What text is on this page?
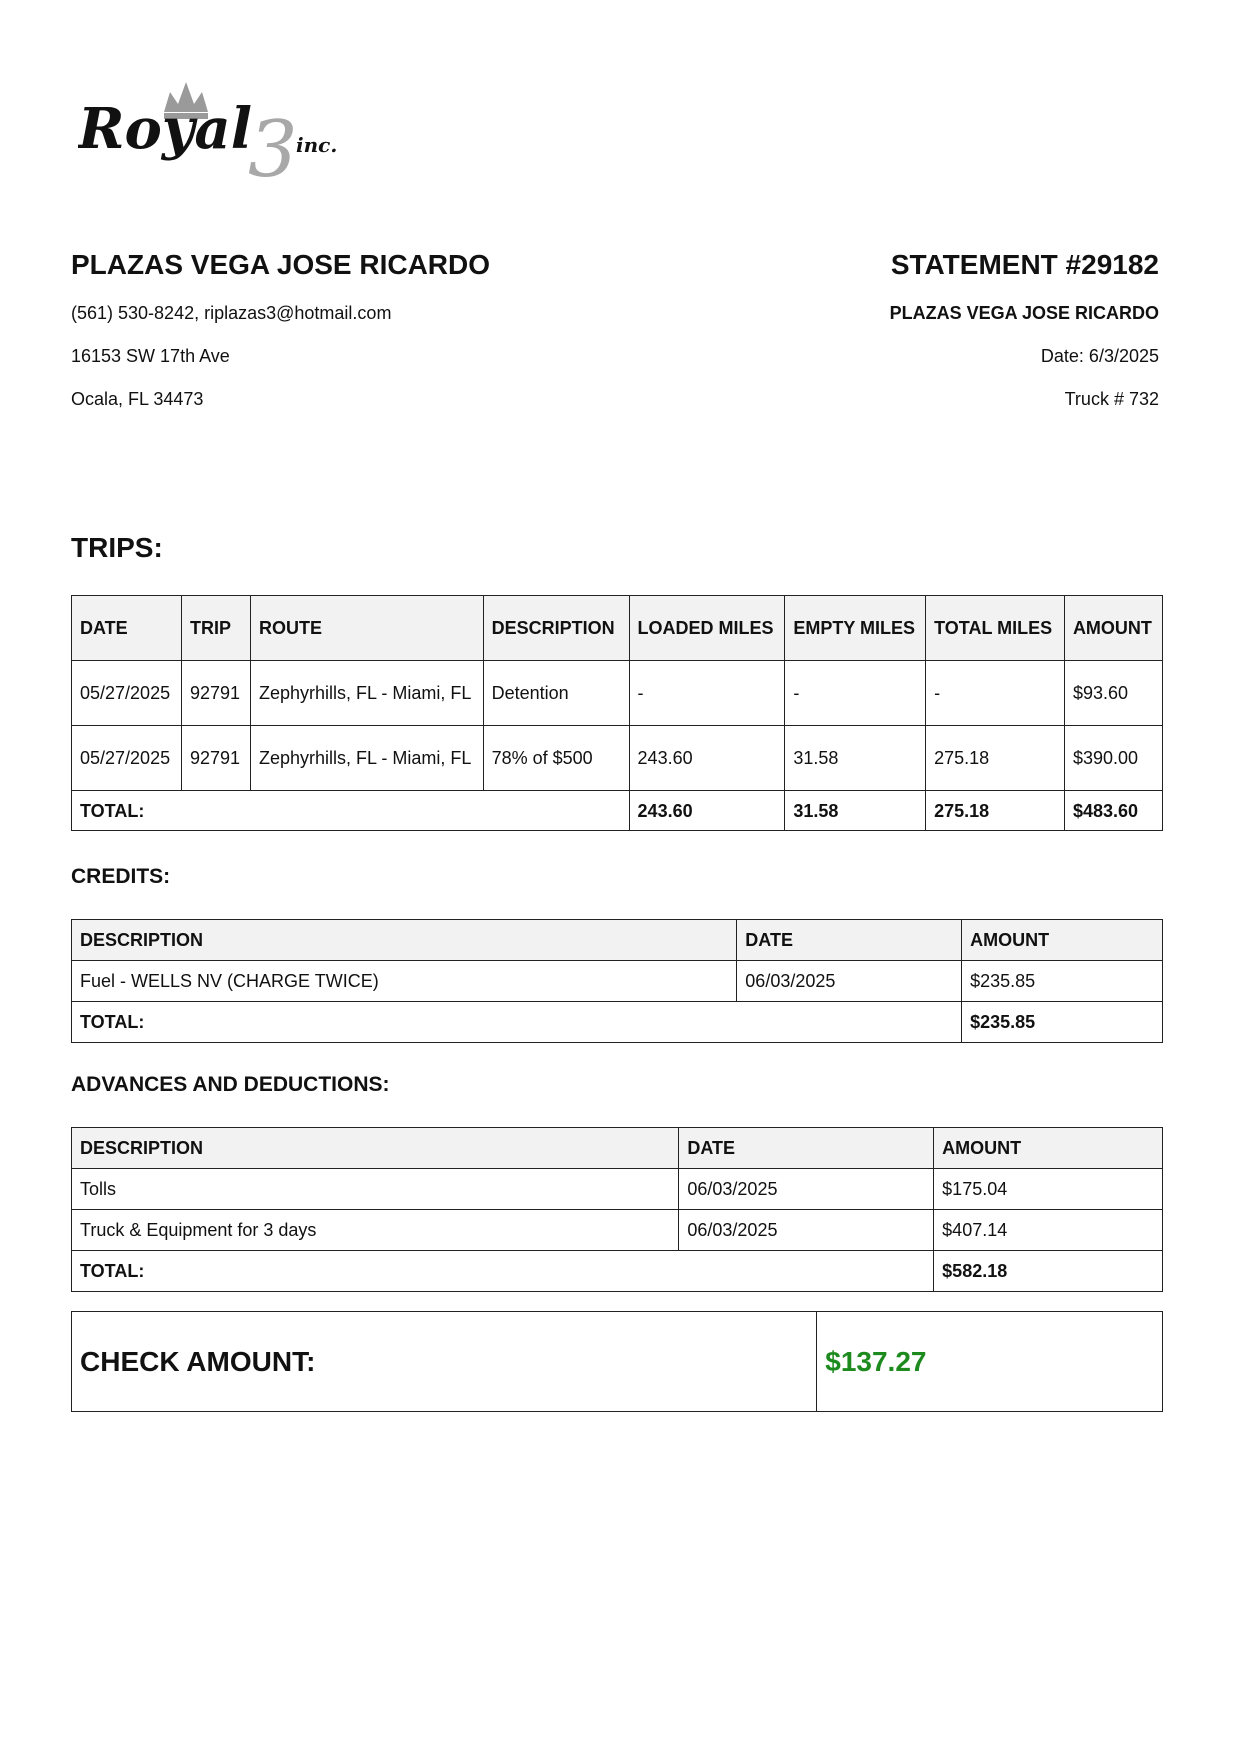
3
Royal inc.

PLAZAS VEGA JOSE RICARDO

(561) 530-8242, riplazas3@hotmail.com

16153 SW 17th Ave

Ocala, FL 34473

STATEMENT #29182

PLAZAS VEGA JOSE RICARDO

Date: 6/3/2025

Truck # 732

TRIPS:

DATE	TRIP	ROUTE	DESCRIPTION	LOADED MILES	EMPTY MILES	TOTAL MILES	AMOUNT
05/27/2025	92791	Zephyrhills, FL - Miami, FL	Detention	-	-	-	$93.60
05/27/2025	92791	Zephyrhills, FL - Miami, FL	78% of $500	243.60	31.58	275.18	$390.00
TOTAL:				243.60	31.58	275.18	$483.60

CREDITS:

DESCRIPTION	DATE	AMOUNT
Fuel - WELLS NV (CHARGE TWICE)	06/03/2025	$235.85
TOTAL:		$235.85

ADVANCES AND DEDUCTIONS:

DESCRIPTION	DATE	AMOUNT
Tolls	06/03/2025	$175.04
Truck & Equipment for 3 days	06/03/2025	$407.14
TOTAL:		$582.18
CHECK AMOUNT:	$137.27
